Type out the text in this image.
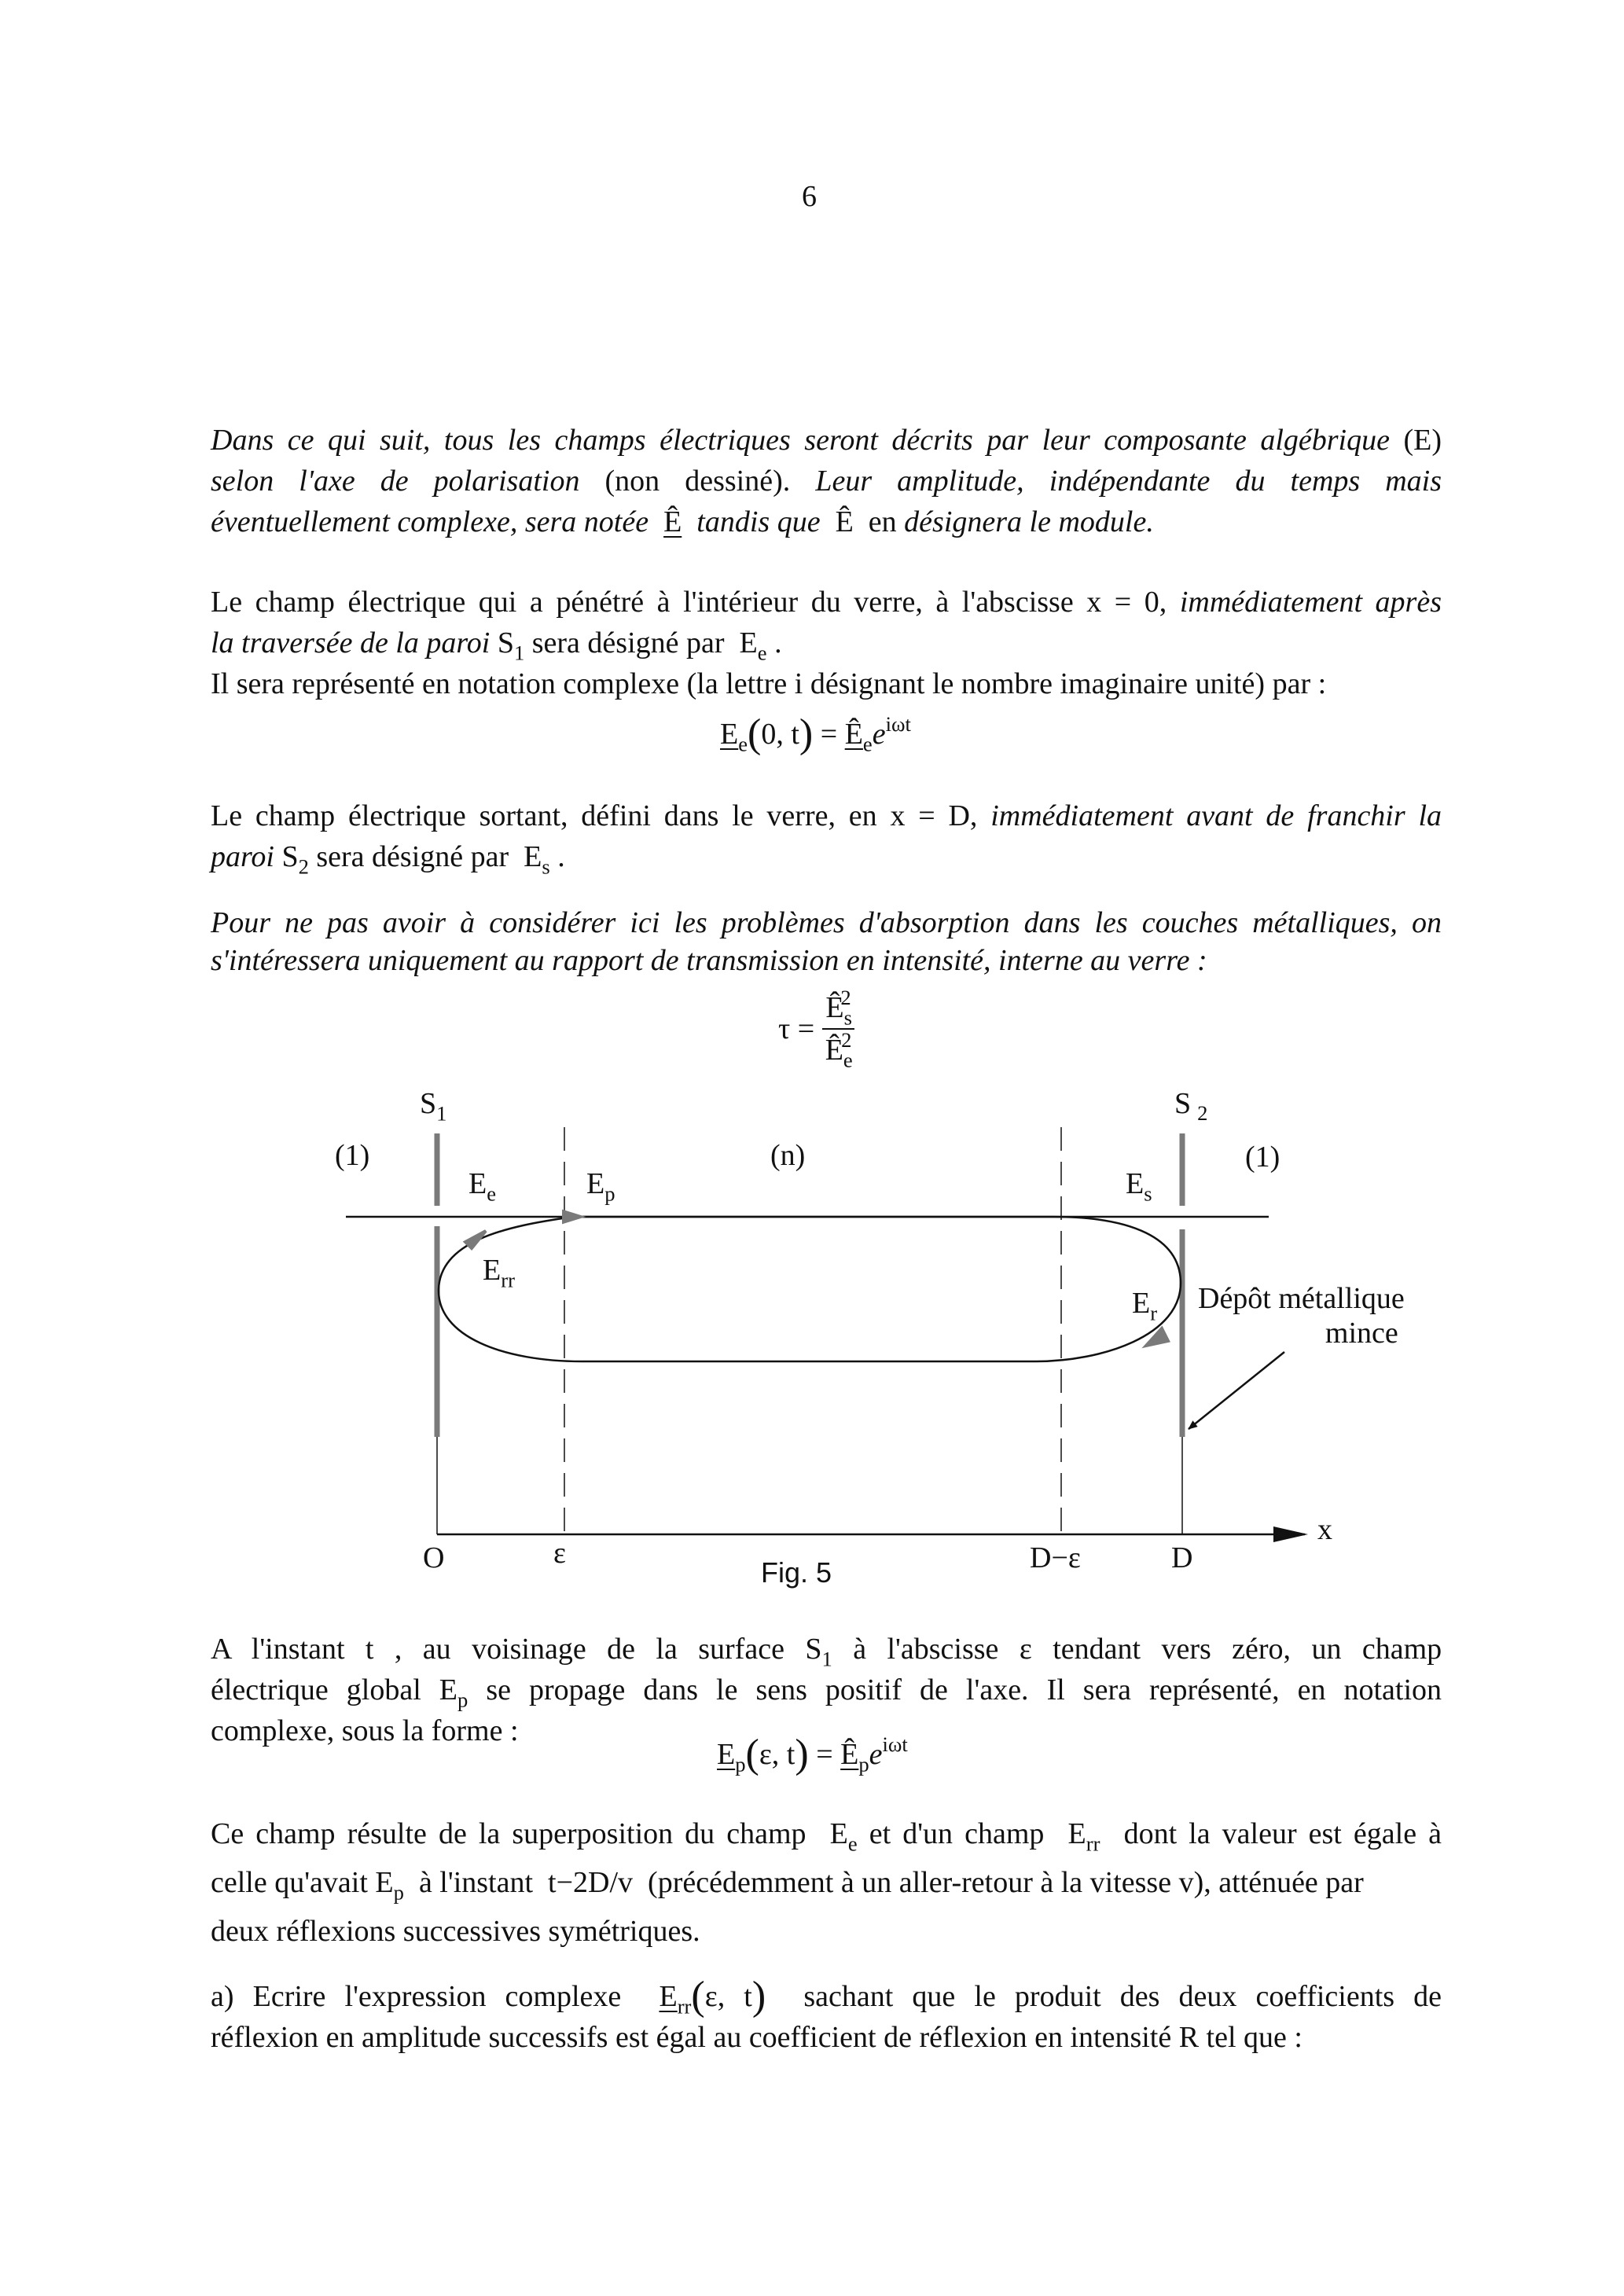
6
Dans ce qui suit, tous les champs électriques seront décrits par leur composante algébrique (E)
selon l'axe de polarisation (non dessiné). Leur amplitude, indépendante du temps mais
éventuellement complexe, sera notée Ê tandis que Ê en désignera le module.
Le champ électrique qui a pénétré à l'intérieur du verre, à l'abscisse x = 0, immédiatement après
la traversée de la paroi $S_1$ sera désigné par $E_e$ .
Il sera représenté en notation complexe (la lettre i désignant le nombre imaginaire unité) par :
$E_e(0$, $t) = Ê_ee^{i\omega t}$
Le champ électrique sortant, défini dans le verre, en x = D, immédiatement avant de franchir la
paroi $S_2$ sera désigné par $E_s$ .
Pour ne pas avoir à considérer ici les problèmes d'absorption dans les couches métalliques, on
s'intéressera uniquement au rapport de transmission en intensité, interne au verre :
$\tau = \frac{Ê_s^2}{Ê_e^2}$
$S_1$	S $_2$
(1)	(n)	(1)
$E_e$	$E_p$	$E_s$
$E_{rr}$
$E_r$ Dépôt métallique
mince
x
O	ε	D−ε	D
Fig. 5
A l'instant t , au voisinage de la surface $S_1$ à l'abscisse ε tendant vers zéro, un champ
électrique global $E_p$ se propage dans le sens positif de l'axe. Il sera représenté, en notation
complexe, sous la forme :
$E_p(\varepsilon$, $t) = Ê_pe^{i\omega t}$
Ce champ résulte de la superposition du champ $E_e$ et d'un champ $E_{rr}$ dont la valeur est égale à
celle qu'avait $E_p$ à l'instant t−2D/v (précédemment à un aller-retour à la vitesse v), atténuée par
deux réflexions successives symétriques.
a) Ecrire l'expression complexe $E_{rr}(\varepsilon$, t) sachant que le produit des deux coefficients de
réflexion en amplitude successifs est égal au coefficient de réflexion en intensité R tel que :
